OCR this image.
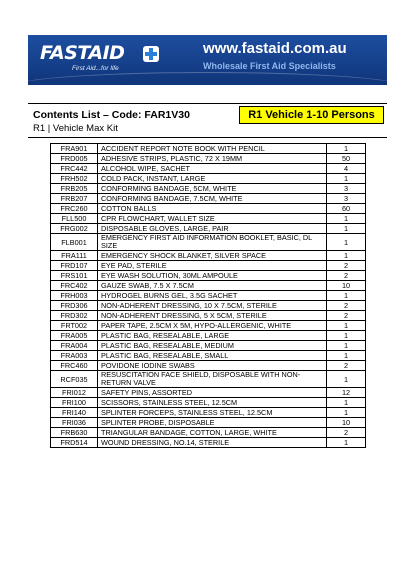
FASTAID
First Aid...for life
www.fastaid.com.au
Wholesale First Aid Specialists
Contents List – Code: FAR1V30	R1 Vehicle 1-10 Persons
R1 | Vehicle Max Kit
FRA901	ACCIDENT REPORT NOTE BOOK WITH PENCIL	1
FRD005	ADHESIVE STRIPS, PLASTIC, 72 X 19MM	50
FRC442	ALCOHOL WIPE, SACHET	4
FRH502	COLD PACK, INSTANT, LARGE	1
FRB205	CONFORMING BANDAGE, 5CM, WHITE	3
FRB207	CONFORMING BANDAGE, 7.5CM, WHITE	3
FRC260	COTTON BALLS	60
FLL500	CPR FLOWCHART, WALLET SIZE	1
FRG002	DISPOSABLE GLOVES, LARGE, PAIR	1
FLB001	EMERGENCY FIRST AID INFORMATION BOOKLET, BASIC, DL SIZE	1
FRA111	EMERGENCY SHOCK BLANKET, SILVER SPACE	1
FRD107	EYE PAD, STERILE	2
FRS101	EYE WASH SOLUTION, 30ML AMPOULE	2
FRC402	GAUZE SWAB, 7.5 X 7.5CM	10
FRH003	HYDROGEL BURNS GEL, 3.5G SACHET	1
FRD306	NON-ADHERENT DRESSING, 10 X 7.5CM, STERILE	2
FRD302	NON-ADHERENT DRESSING, 5 X 5CM, STERILE	2
FRT002	PAPER TAPE, 2.5CM X 5M, HYPO-ALLERGENIC, WHITE	1
FRA005	PLASTIC BAG, RESEALABLE, LARGE	1
FRA004	PLASTIC BAG, RESEALABLE, MEDIUM	1
FRA003	PLASTIC BAG, RESEALABLE, SMALL	1
FRC460	POVIDONE IODINE SWABS	2
RCF035	RESUSCITATION FACE SHIELD, DISPOSABLE WITH NON-RETURN VALVE	1
FRI012	SAFETY PINS, ASSORTED	12
FRI100	SCISSORS, STAINLESS STEEL, 12.5CM	1
FRI140	SPLINTER FORCEPS, STAINLESS STEEL, 12.5CM	1
FRI036	SPLINTER PROBE, DISPOSABLE	10
FRB630	TRIANGULAR BANDAGE, COTTON, LARGE, WHITE	2
FRD514	WOUND DRESSING, NO.14, STERILE	1
